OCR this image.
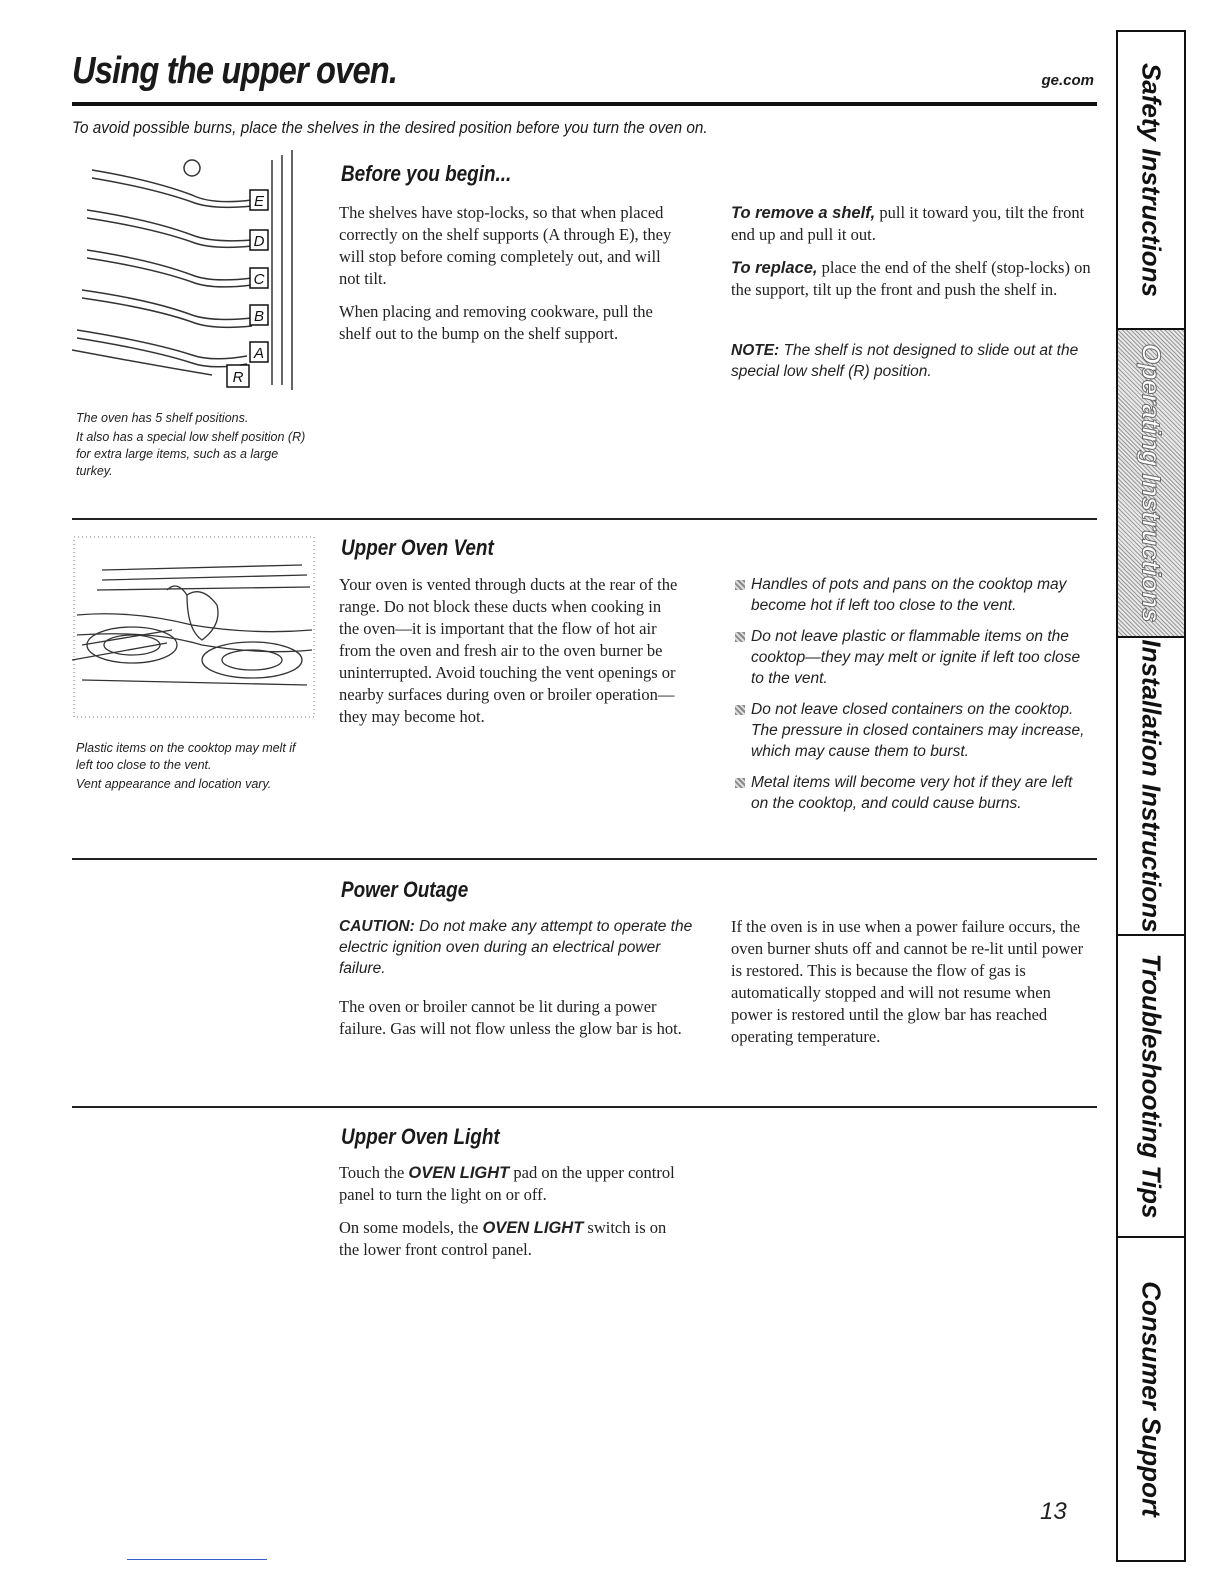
Using the upper oven.	ge.com
To avoid possible burns, place the shelves in the desired position before you turn the oven on.
E
D
C
B
A
R

The oven has 5 shelf positions.

It also has a special low shelf position (R) for extra large items, such as a large turkey.

Before you begin...

The shelves have stop-locks, so that when placed correctly on the shelf supports (A through E), they will stop before coming completely out, and will not tilt.

When placing and removing cookware, pull the shelf out to the bump on the shelf support.

To remove a shelf, pull it toward you, tilt the front end up and pull it out.

To replace, place the end of the shelf (stop-locks) on the support, tilt up the front and push the shelf in.

NOTE: The shelf is not designed to slide out at the special low shelf (R) position.

Plastic items on the cooktop may melt if left too close to the vent.

Vent appearance and location vary.

Upper Oven Vent

Your oven is vented through ducts at the rear of the range. Do not block these ducts when cooking in the oven—it is important that the flow of hot air from the oven and fresh air to the oven burner be uninterrupted. Avoid touching the vent openings or nearby surfaces during oven or broiler operation—they may become hot.

Handles of pots and pans on the cooktop may become hot if left too close to the vent.
Do not leave plastic or flammable items on the cooktop—they may melt or ignite if left too close to the vent.
Do not leave closed containers on the cooktop. The pressure in closed containers may increase, which may cause them to burst.
Metal items will become very hot if they are left on the cooktop, and could cause burns.
Power Outage

CAUTION: Do not make any attempt to operate the electric ignition oven during an electrical power failure.

The oven or broiler cannot be lit during a power failure. Gas will not flow unless the glow bar is hot.

If the oven is in use when a power failure occurs, the oven burner shuts off and cannot be re-lit until power is restored. This is because the flow of gas is automatically stopped and will not resume when power is restored until the glow bar has reached operating temperature.

Upper Oven Light

Touch the OVEN LIGHT pad on the upper control panel to turn the light on or off.

On some models, the OVEN LIGHT switch is on the lower front control panel.

Safety Instructions
Operating Instructions
Installation Instructions
Troubleshooting Tips
Consumer Support
13
